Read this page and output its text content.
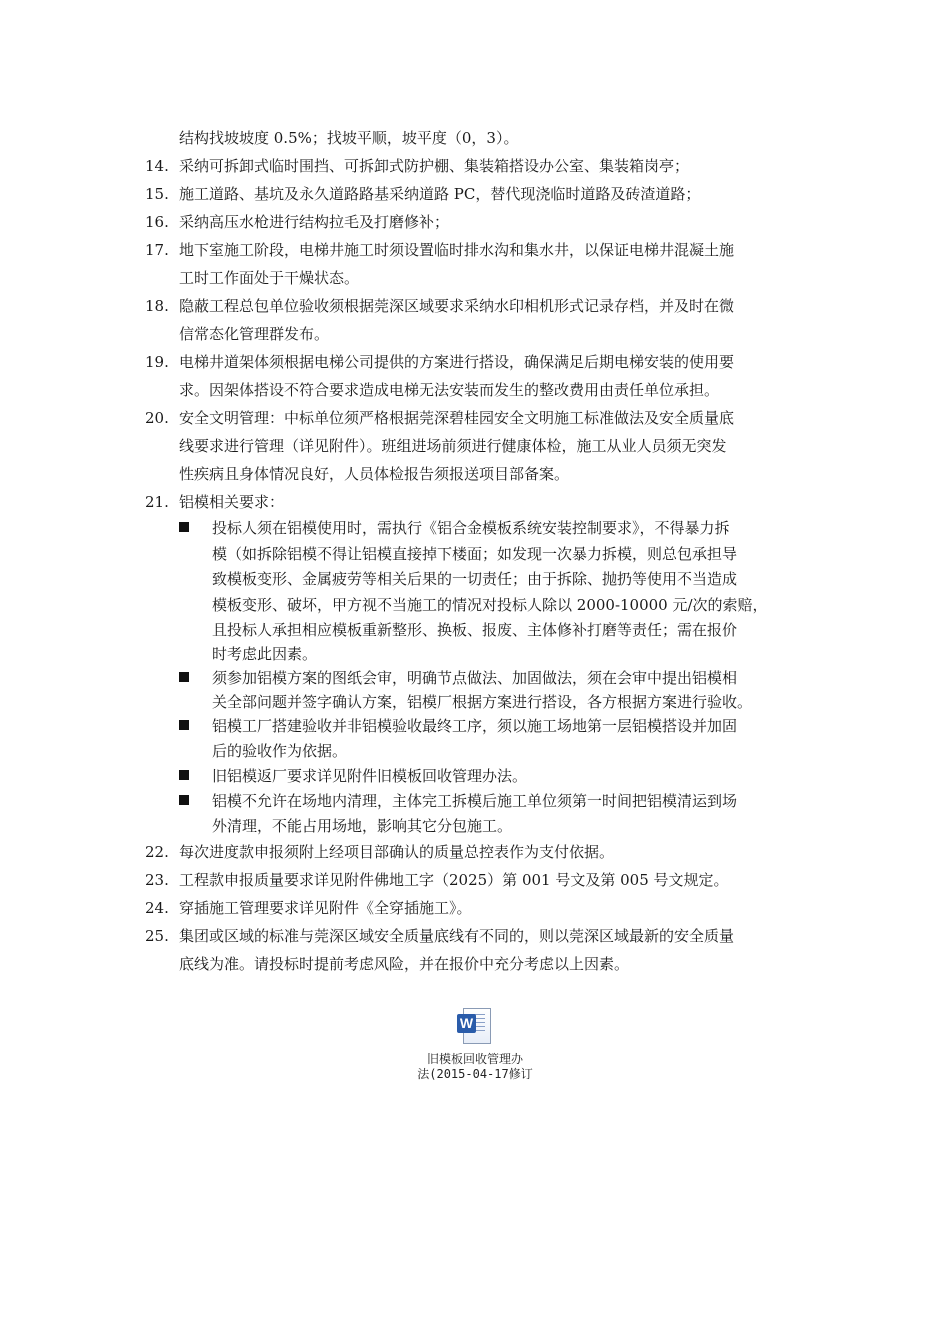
结构找坡坡度 0.5%；找坡平顺，坡平度（0，3）。
14. 采纳可拆卸式临时围挡、可拆卸式防护棚、集装箱搭设办公室、集装箱岗亭；
15. 施工道路、基坑及永久道路路基采纳道路 PC，替代现浇临时道路及砖渣道路；
16. 采纳高压水枪进行结构拉毛及打磨修补；
17. 地下室施工阶段，电梯井施工时须设置临时排水沟和集水井，以保证电梯井混凝土施
工时工作面处于干燥状态。
18. 隐蔽工程总包单位验收须根据莞深区域要求采纳水印相机形式记录存档，并及时在微
信常态化管理群发布。
19. 电梯井道架体须根据电梯公司提供的方案进行搭设，确保满足后期电梯安装的使用要
求。因架体搭设不符合要求造成电梯无法安装而发生的整改费用由责任单位承担。
20. 安全文明管理：中标单位须严格根据莞深碧桂园安全文明施工标准做法及安全质量底
线要求进行管理（详见附件）。班组进场前须进行健康体检，施工从业人员须无突发
性疾病且身体情况良好，人员体检报告须报送项目部备案。
21. 铝模相关要求：
投标人须在铝模使用时，需执行《铝合金模板系统安装控制要求》，不得暴力拆
模（如拆除铝模不得让铝模直接掉下楼面；如发现一次暴力拆模，则总包承担导
致模板变形、金属疲劳等相关后果的一切责任；由于拆除、抛扔等使用不当造成
模板变形、破坏，甲方视不当施工的情况对投标人除以 2000-10000 元/次的索赔，
且投标人承担相应模板重新整形、换板、报废、主体修补打磨等责任；需在报价
时考虑此因素。
须参加铝模方案的图纸会审，明确节点做法、加固做法，须在会审中提出铝模相
关全部问题并签字确认方案，铝模厂根据方案进行搭设，各方根据方案进行验收。
铝模工厂搭建验收并非铝模验收最终工序，须以施工场地第一层铝模搭设并加固
后的验收作为依据。
旧铝模返厂要求详见附件旧模板回收管理办法。
铝模不允许在场地内清理，主体完工拆模后施工单位须第一时间把铝模清运到场
外清理，不能占用场地，影响其它分包施工。
22. 每次进度款申报须附上经项目部确认的质量总控表作为支付依据。
23. 工程款申报质量要求详见附件佛地工字（2025）第 001 号文及第 005 号文规定。
24. 穿插施工管理要求详见附件《全穿插施工》。
25. 集团或区域的标准与莞深区域安全质量底线有不同的，则以莞深区域最新的安全质量
底线为准。请投标时提前考虑风险，并在报价中充分考虑以上因素。
W
旧模板回收管理办
法(2015-04-17修订
